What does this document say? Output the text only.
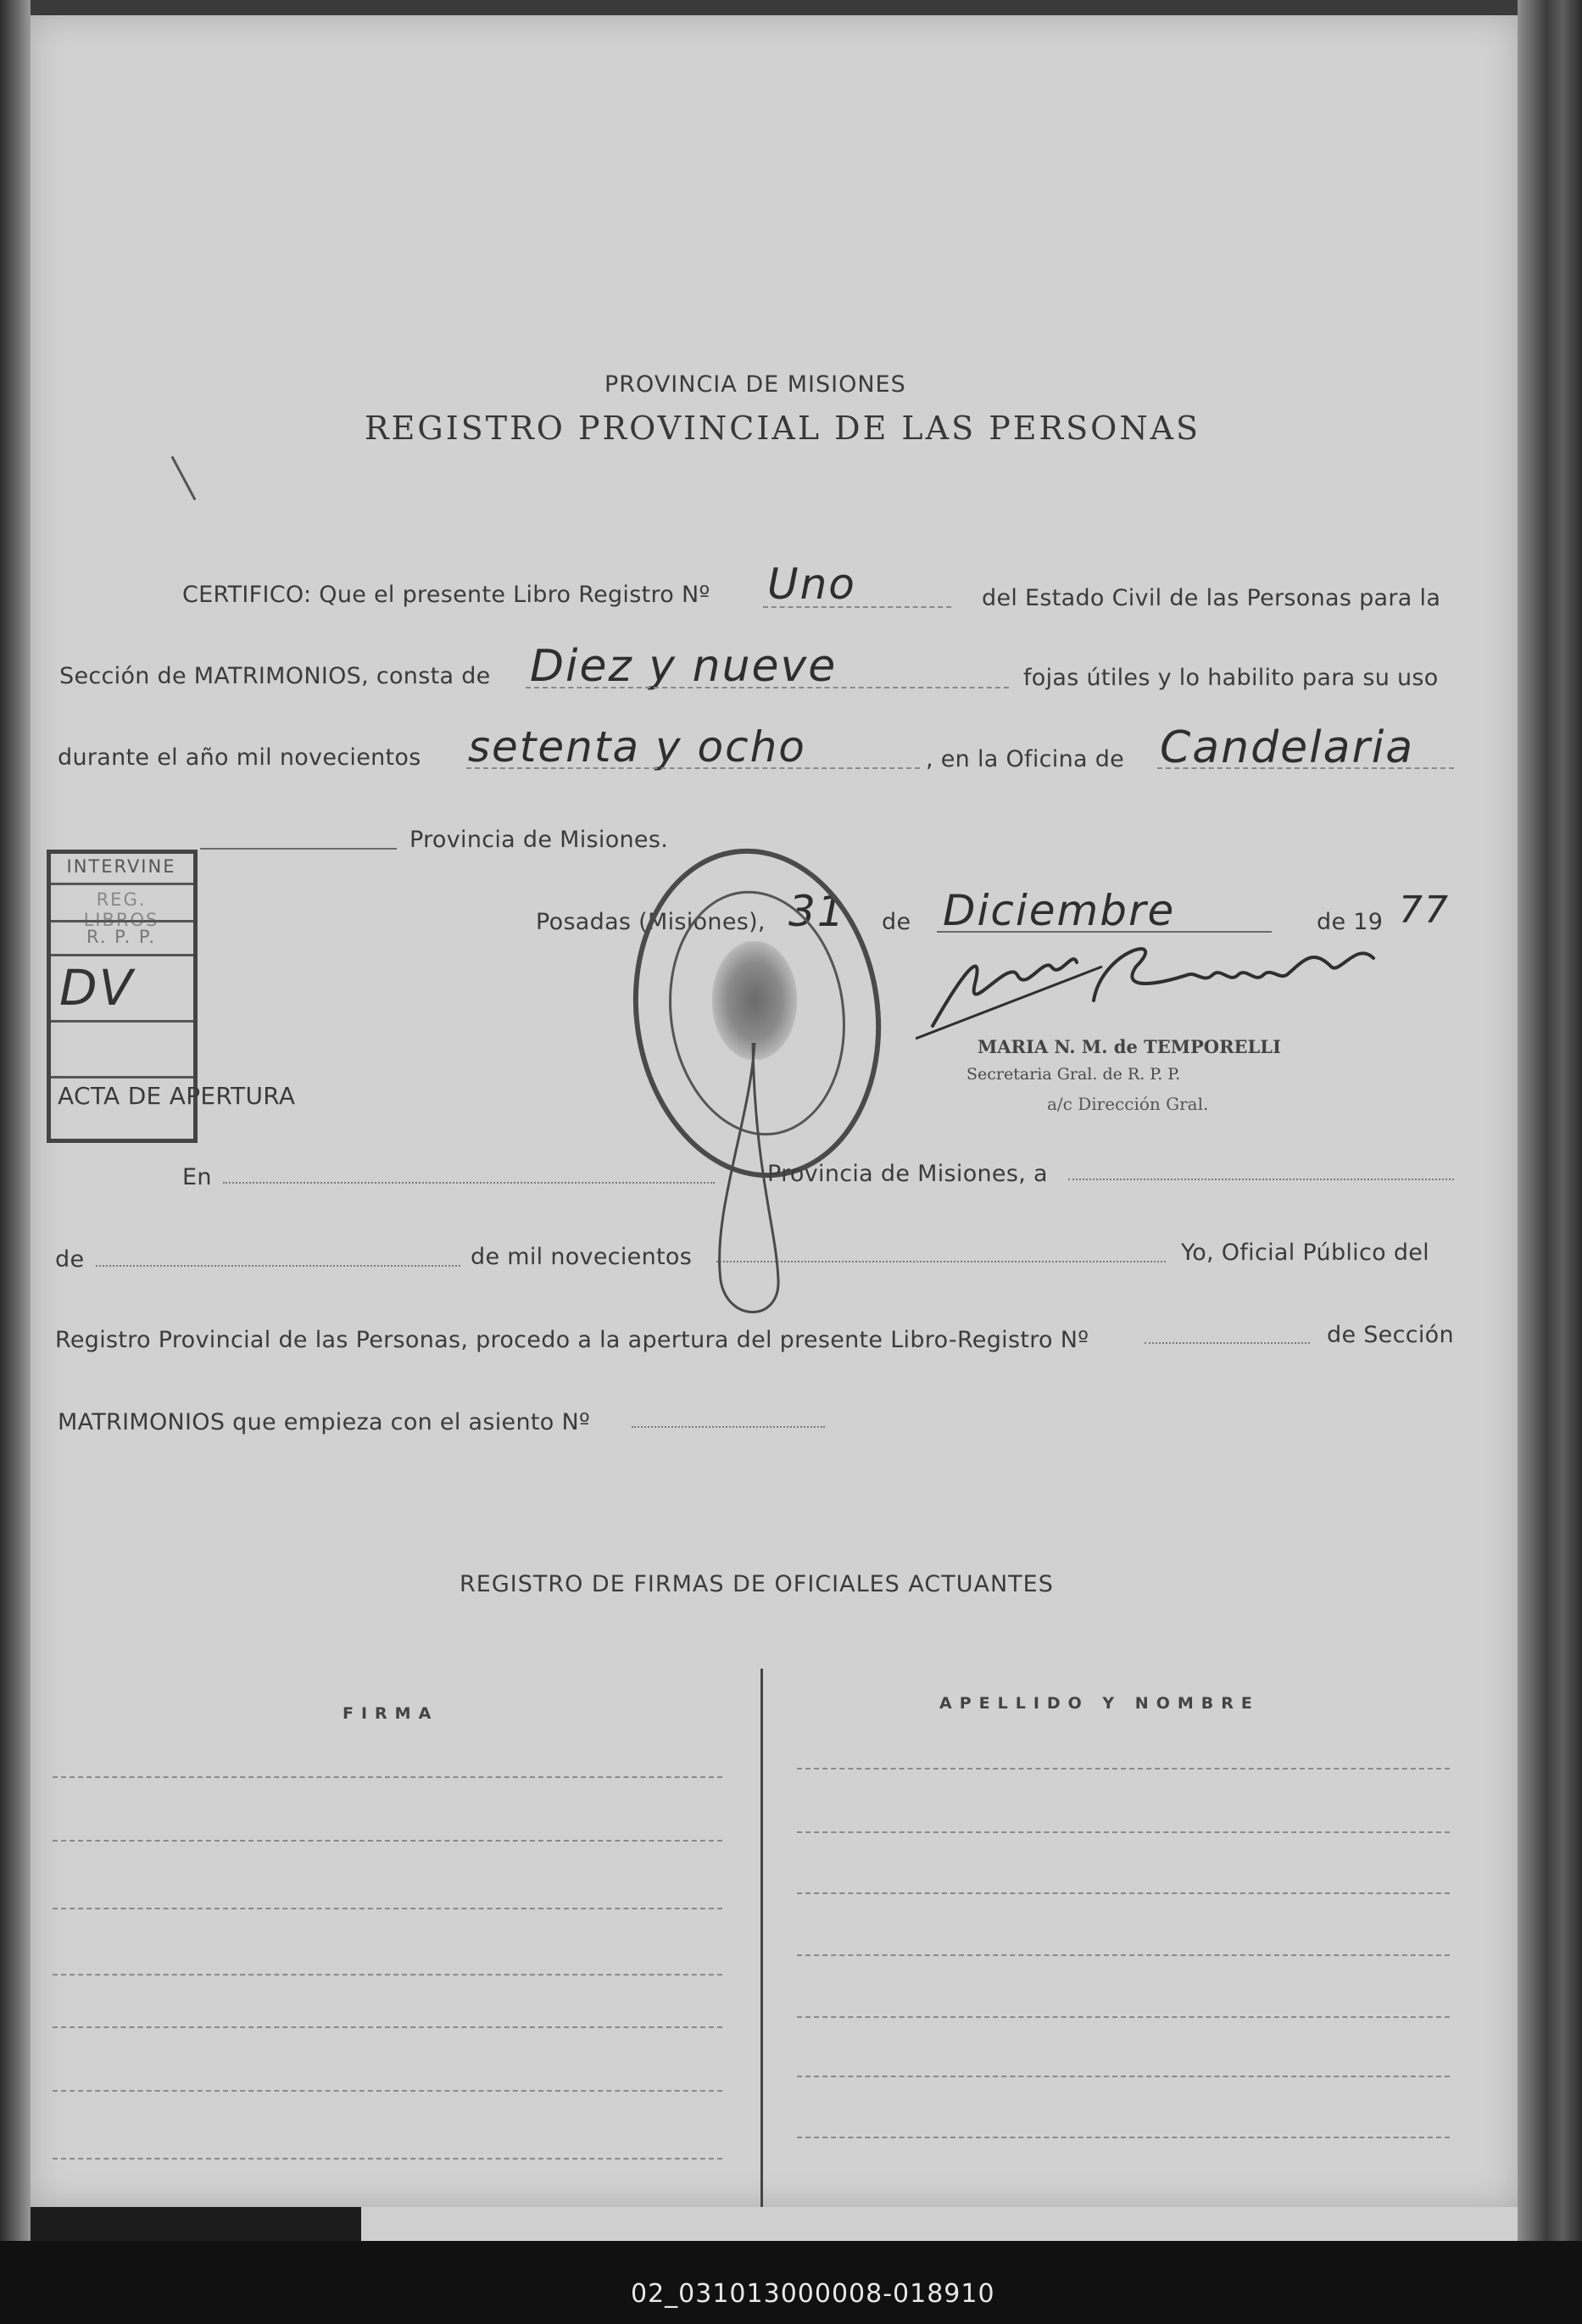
PROVINCIA DE MISIONES
REGISTRO PROVINCIAL DE LAS PERSONAS
CERTIFICO: Que el presente Libro Registro Nº Uno	del Estado Civil de las Personas para la
Sección de MATRIMONIOS, consta de Diez y nueve	fojas útiles y lo habilito para su uso
durante el año mil novecientos setenta y ocho	, en la Oficina de Candelaria
Provincia de Misiones.
INTERVINE
REG. LIBROS
R. P. P.
DV
Posadas (Misiones), 31 de Diciembre	de 19 77
MARIA N. M. de TEMPORELLI
Secretaria Gral. de R. P. P.
a/c Dirección Gral.
ACTA DE APERTURA
En	Provincia de Misiones, a
de	de mil novecientos	Yo, Oficial Público del
Registro Provincial de las Personas, procedo a la apertura del presente Libro-Registro Nº	de Sección
MATRIMONIOS que empieza con el asiento Nº
REGISTRO DE FIRMAS DE OFICIALES ACTUANTES
FIRMA
APELLIDO Y NOMBRE
02_031013000008-018910
